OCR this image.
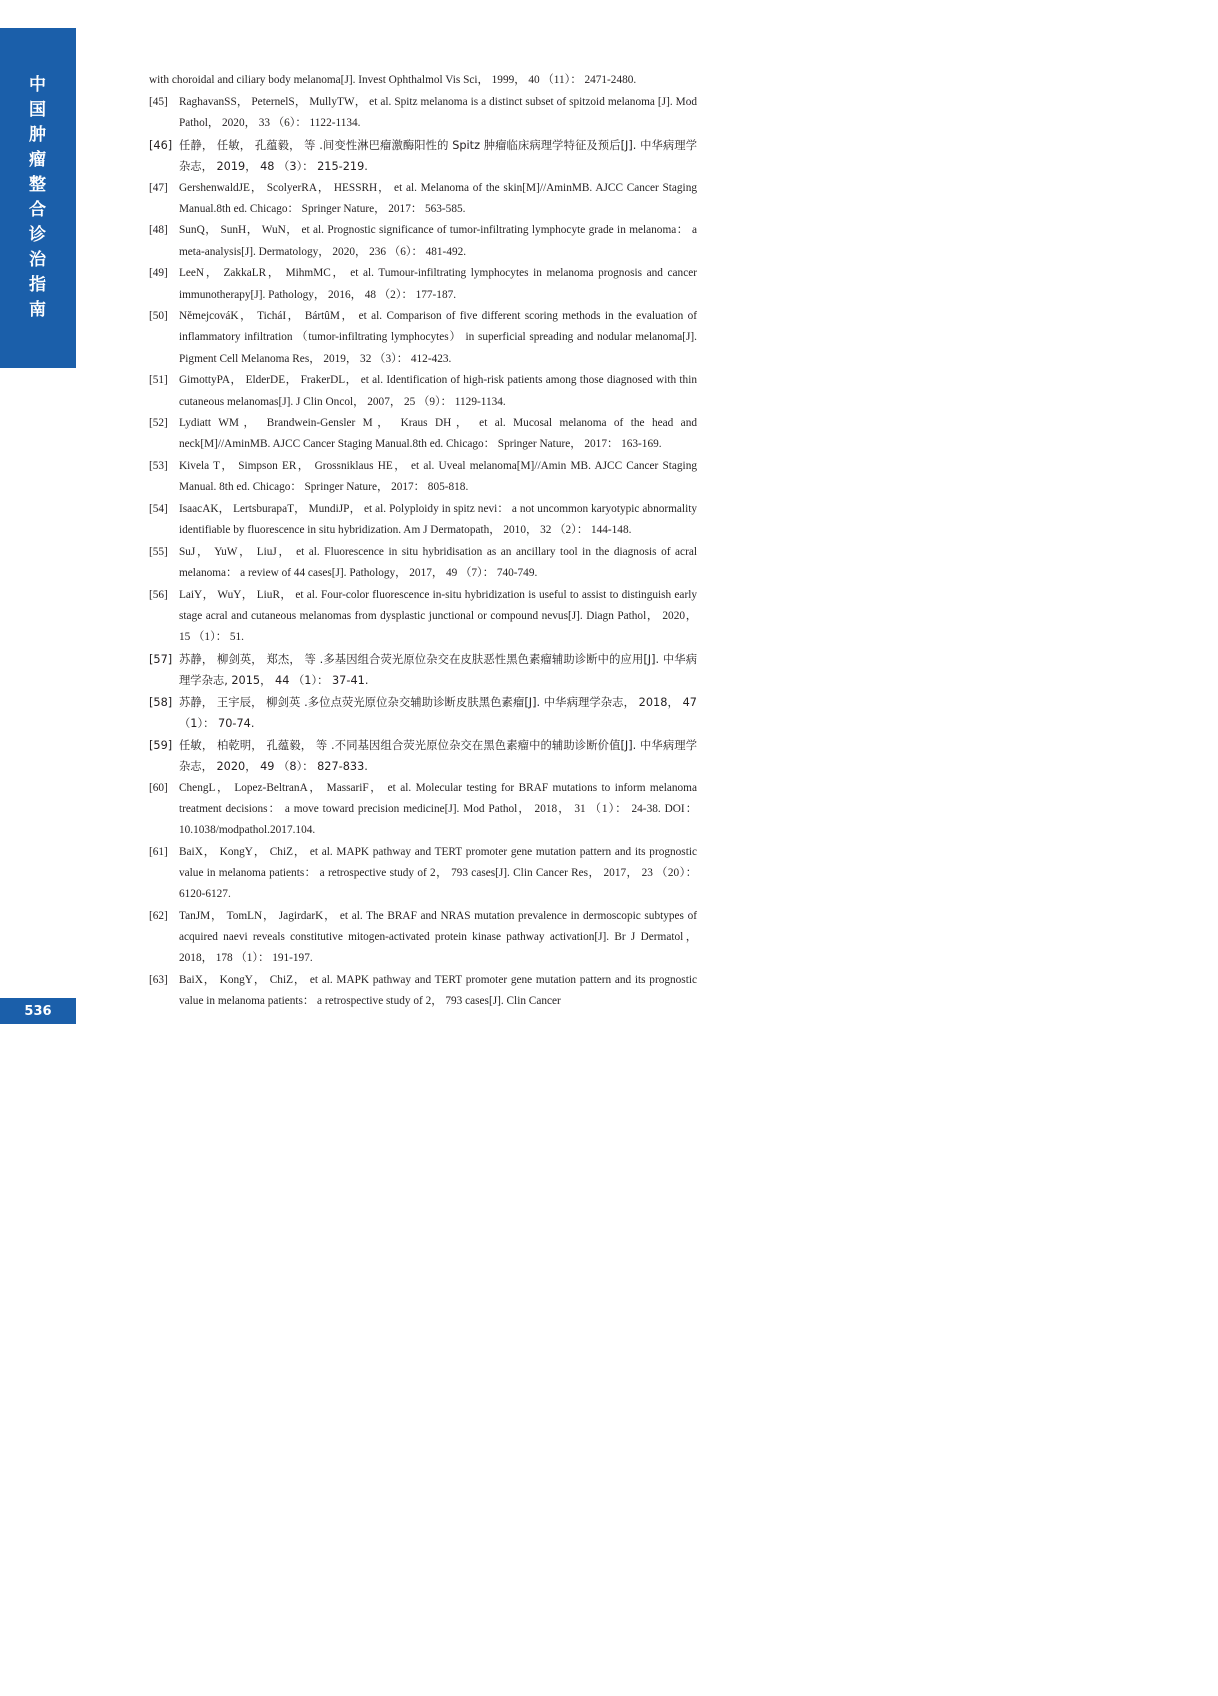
中
国
肿
瘤
整
合
诊
治
指
南
536
with choroidal and ciliary body melanoma[J]. Invest Ophthalmol Vis Sci， 1999， 40 （11）： 2471-2480.
[45] RaghavanSS， PeternelS， MullyTW， et al. Spitz melanoma is a distinct subset of spitzoid melanoma [J]. Mod Pathol， 2020， 33 （6）： 1122-1134.
[46] 任静， 任敏， 孔蕴毅， 等 .间变性淋巴瘤激酶阳性的 Spitz 肿瘤临床病理学特征及预后[J]. 中华病理学杂志， 2019， 48 （3）： 215-219.
[47] GershenwaldJE， ScolyerRA， HESSRH， et al. Melanoma of the skin[M]//AminMB. AJCC Cancer Staging Manual.8th ed. Chicago： Springer Nature， 2017： 563-585.
[48] SunQ， SunH， WuN， et al. Prognostic significance of tumor-infiltrating lymphocyte grade in melanoma： a meta-analysis[J]. Dermatology， 2020， 236 （6）： 481-492.
[49] LeeN， ZakkaLR， MihmMC， et al. Tumour-infiltrating lymphocytes in melanoma prognosis and cancer immunotherapy[J]. Pathology， 2016， 48 （2）： 177-187.
[50] NĕmejcováK， TicháI， BártûM， et al. Comparison of five different scoring methods in the evaluation of inflammatory infiltration （tumor-infiltrating lymphocytes） in superficial spreading and nodular melanoma[J]. Pigment Cell Melanoma Res， 2019， 32 （3）： 412-423.
[51] GimottyPA， ElderDE， FrakerDL， et al. Identification of high-risk patients among those diagnosed with thin cutaneous melanomas[J]. J Clin Oncol， 2007， 25 （9）： 1129-1134.
[52] Lydiatt WM， Brandwein-Gensler M， Kraus DH， et al. Mucosal melanoma of the head and neck[M]//AminMB. AJCC Cancer Staging Manual.8th ed. Chicago： Springer Nature， 2017： 163-169.
[53] Kivela T， Simpson ER， Grossniklaus HE， et al. Uveal melanoma[M]//Amin MB. AJCC Cancer Staging Manual. 8th ed. Chicago： Springer Nature， 2017： 805-818.
[54] IsaacAK， LertsburapaT， MundiJP， et al. Polyploidy in spitz nevi： a not uncommon karyotypic abnormality identifiable by fluorescence in situ hybridization. Am J Dermatopath， 2010， 32 （2）： 144-148.
[55] SuJ， YuW， LiuJ， et al. Fluorescence in situ hybridisation as an ancillary tool in the diagnosis of acral melanoma： a review of 44 cases[J]. Pathology， 2017， 49 （7）： 740-749.
[56] LaiY， WuY， LiuR， et al. Four-color fluorescence in-situ hybridization is useful to assist to distinguish early stage acral and cutaneous melanomas from dysplastic junctional or compound nevus[J]. Diagn Pathol， 2020， 15 （1）： 51.
[57] 苏静， 柳剑英， 郑杰， 等 .多基因组合荧光原位杂交在皮肤恶性黑色素瘤辅助诊断中的应用[J]. 中华病理学杂志, 2015， 44 （1）： 37-41.
[58] 苏静， 王宇辰， 柳剑英 .多位点荧光原位杂交辅助诊断皮肤黑色素瘤[J]. 中华病理学杂志， 2018， 47 （1）： 70-74.
[59] 任敏， 柏乾明， 孔蕴毅， 等 .不同基因组合荧光原位杂交在黑色素瘤中的辅助诊断价值[J]. 中华病理学杂志， 2020， 49 （8）： 827-833.
[60] ChengL， Lopez-BeltranA， MassariF， et al. Molecular testing for BRAF mutations to inform melanoma treatment decisions： a move toward precision medicine[J]. Mod Pathol， 2018， 31 （1）： 24-38. DOI： 10.1038/modpathol.2017.104.
[61] BaiX， KongY， ChiZ， et al. MAPK pathway and TERT promoter gene mutation pattern and its prognostic value in melanoma patients： a retrospective study of 2， 793 cases[J]. Clin Cancer Res， 2017， 23 （20）： 6120-6127.
[62] TanJM， TomLN， JagirdarK， et al. The BRAF and NRAS mutation prevalence in dermoscopic subtypes of acquired naevi reveals constitutive mitogen-activated protein kinase pathway activation[J]. Br J Dermatol， 2018， 178 （1）： 191-197.
[63] BaiX， KongY， ChiZ， et al. MAPK pathway and TERT promoter gene mutation pattern and its prognostic value in melanoma patients： a retrospective study of 2， 793 cases[J]. Clin Cancer
